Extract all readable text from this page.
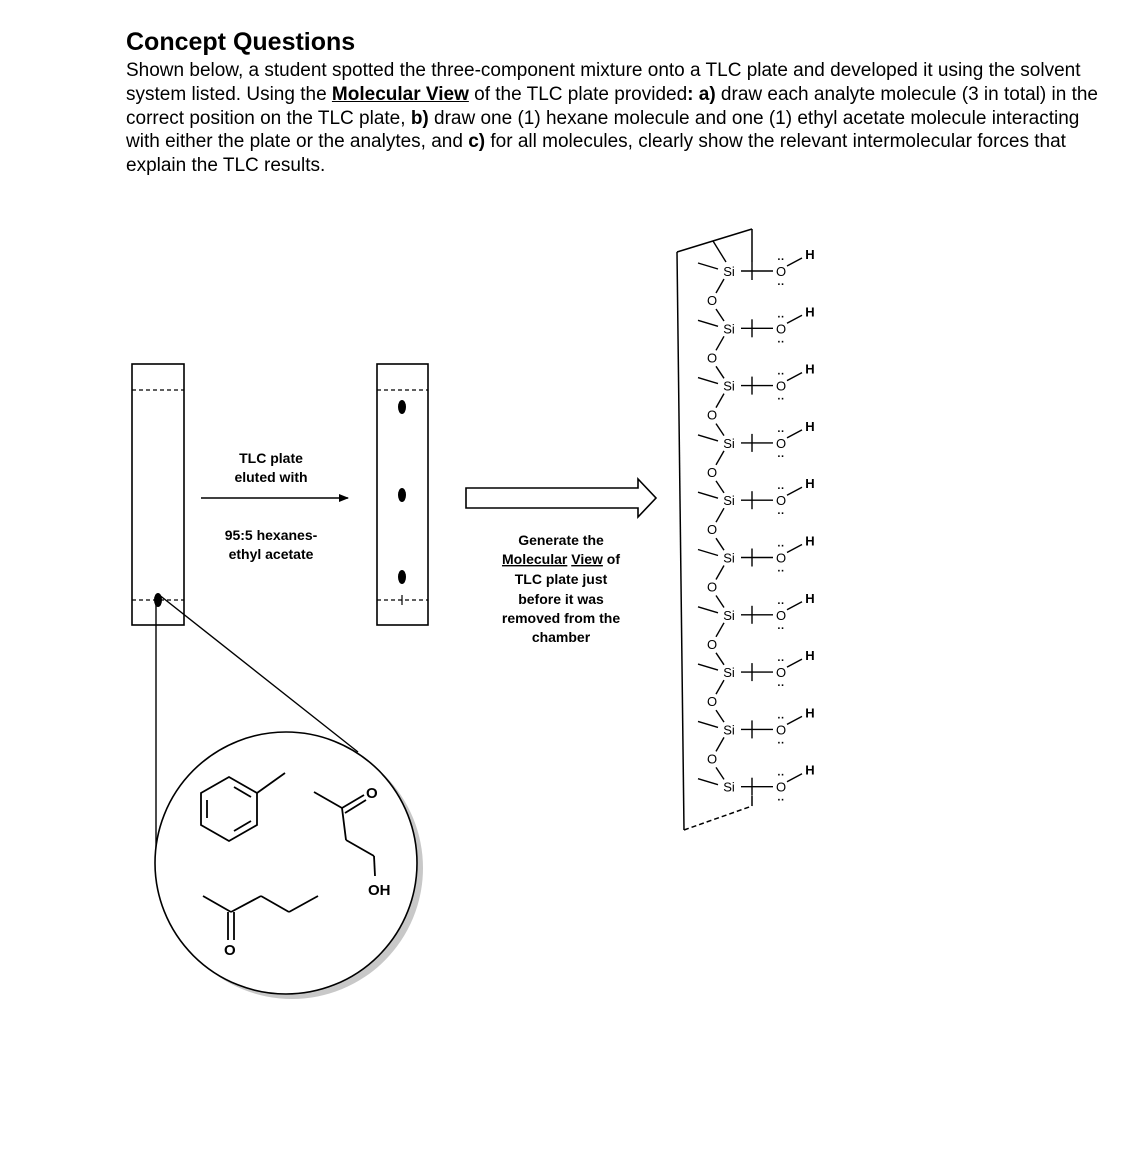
Concept Questions

Shown below, a student spotted the three-component mixture onto a TLC plate and developed it using the solvent system listed. Using the Molecular View of the TLC plate provided: a) draw each analyte molecule (3 in total) in the correct position on the TLC plate, b) draw one (1) hexane molecule and one (1) ethyl acetate molecule interacting with either the plate or the analytes, and c) for all molecules, clearly show the relevant intermolecular forces that explain the TLC results.

O
OH
O
TLC plate
eluted with
95:5 hexanes-
ethyl acetate
Generate the
Molecular View of
TLC plate just
before it was
removed from the
chamber
Si	O
··
··
H
O
Si	O
··
··
H
O
Si	O
··
··
H
O
Si	O
··
··
H
O
Si	O
··
··
H
O
Si	O
··
··
H
O
Si	O
··
··
H
O
Si	O
··
··
H
O
Si	O
··
··
H
O
Si	O
··
··
H
